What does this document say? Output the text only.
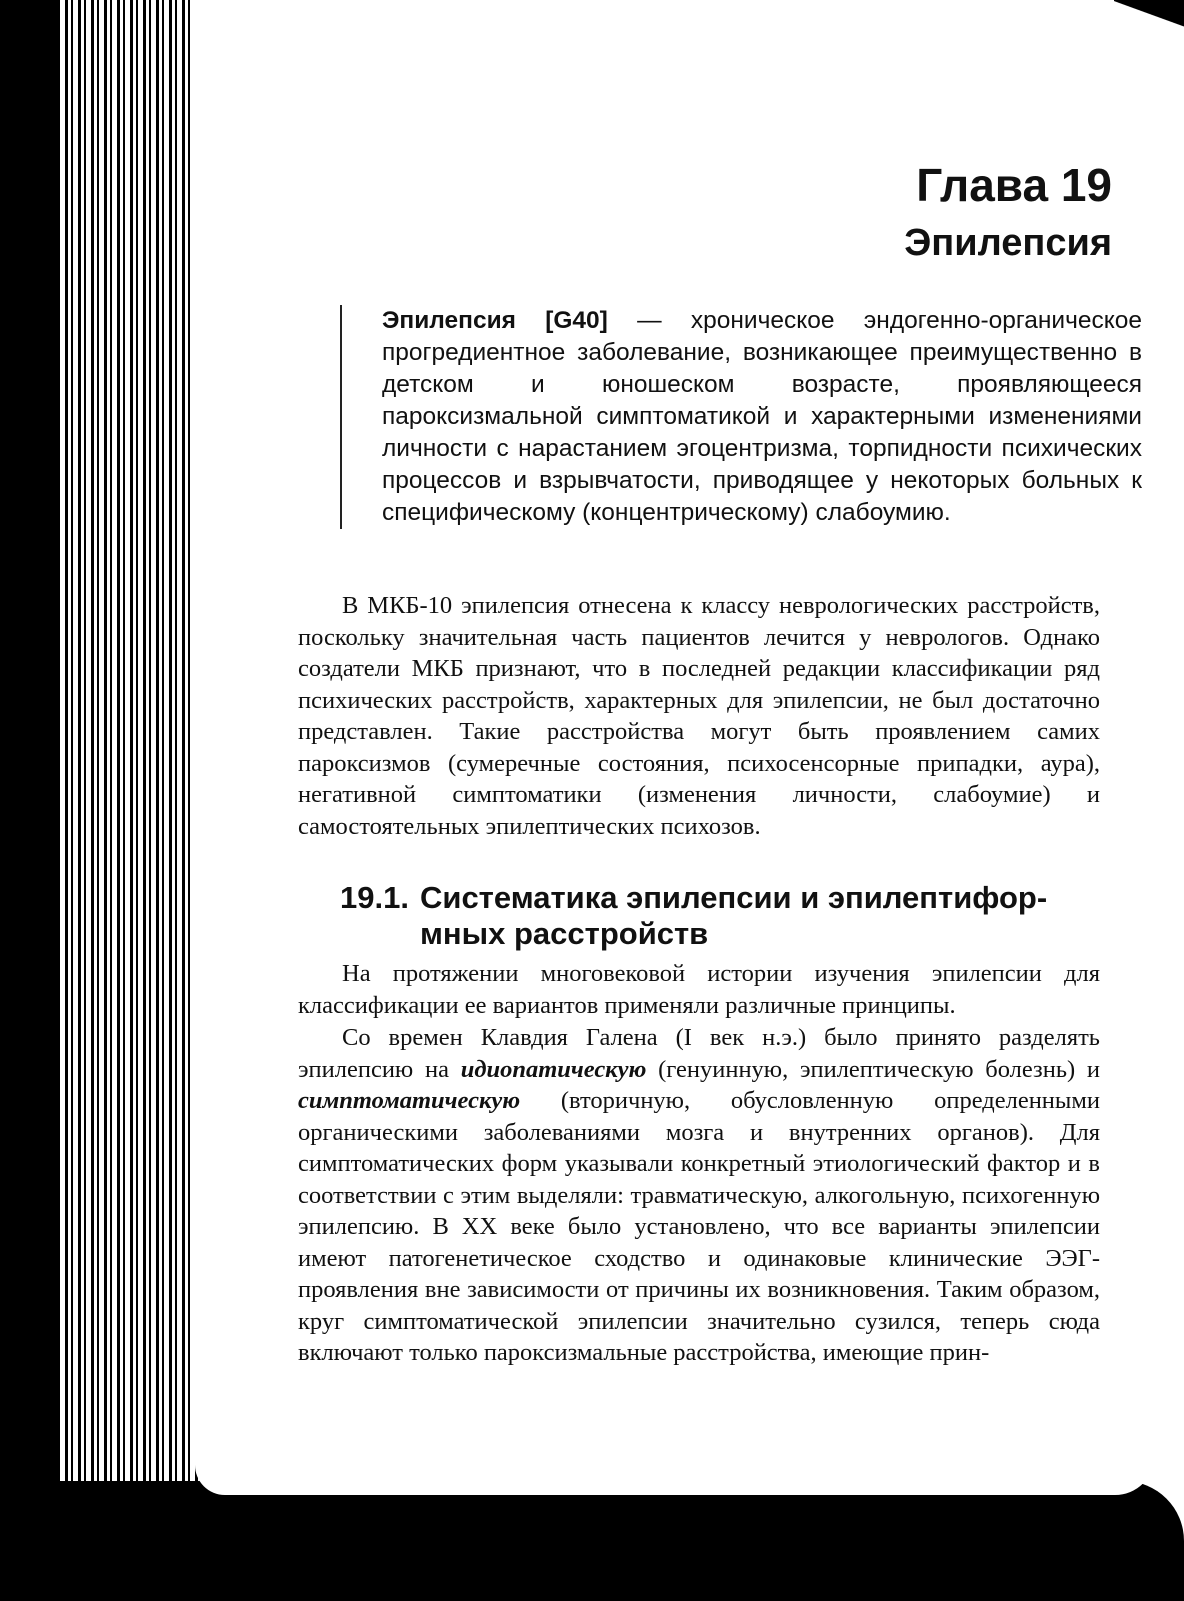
Глава 19
Эпилепсия

Эпилепсия [G40] — хроническое эндогенно-органическое прогредиентное заболевание, возникающее преимущественно в детском и юношеском возрасте, проявляющееся пароксизмальной симптоматикой и характерными изменениями личности с нарастанием эгоцентризма, торпидности психических процессов и взрывчатости, приводящее у некоторых больных к специфическому (концентрическому) слабоумию.

В МКБ-10 эпилепсия отнесена к классу неврологических расстройств, поскольку значительная часть пациентов лечится у неврологов. Однако создатели МКБ признают, что в последней редакции классификации ряд психических расстройств, характерных для эпилепсии, не был достаточно представлен. Такие расстройства могут быть проявлением самих пароксизмов (сумеречные состояния, психосенсорные припадки, аура), негативной симптоматики (изменения личности, слабоумие) и самостоятельных эпилептических психозов.

19.1. Систематика эпилепсии и эпилептифор-
мных расстройств

На протяжении многовековой истории изучения эпилепсии для классификации ее вариантов применяли различные принципы.

Со времен Клавдия Галена (I век н.э.) было принято разделять эпилепсию на идиопатическую (генуинную, эпилептическую болезнь) и симптоматическую (вторичную, обусловленную определенными органическими заболеваниями мозга и внутренних органов). Для симптоматических форм указывали конкретный этиологический фактор и в соответствии с этим выделяли: травматическую, алкогольную, психогенную эпилепсию. В XX веке было установлено, что все варианты эпилепсии имеют патогенетическое сходство и одинаковые клинические ЭЭГ-проявления вне зависимости от причины их возникновения. Таким образом, круг симптоматической эпилепсии значительно сузился, теперь сюда включают только пароксизмальные расстройства, имеющие прин-
